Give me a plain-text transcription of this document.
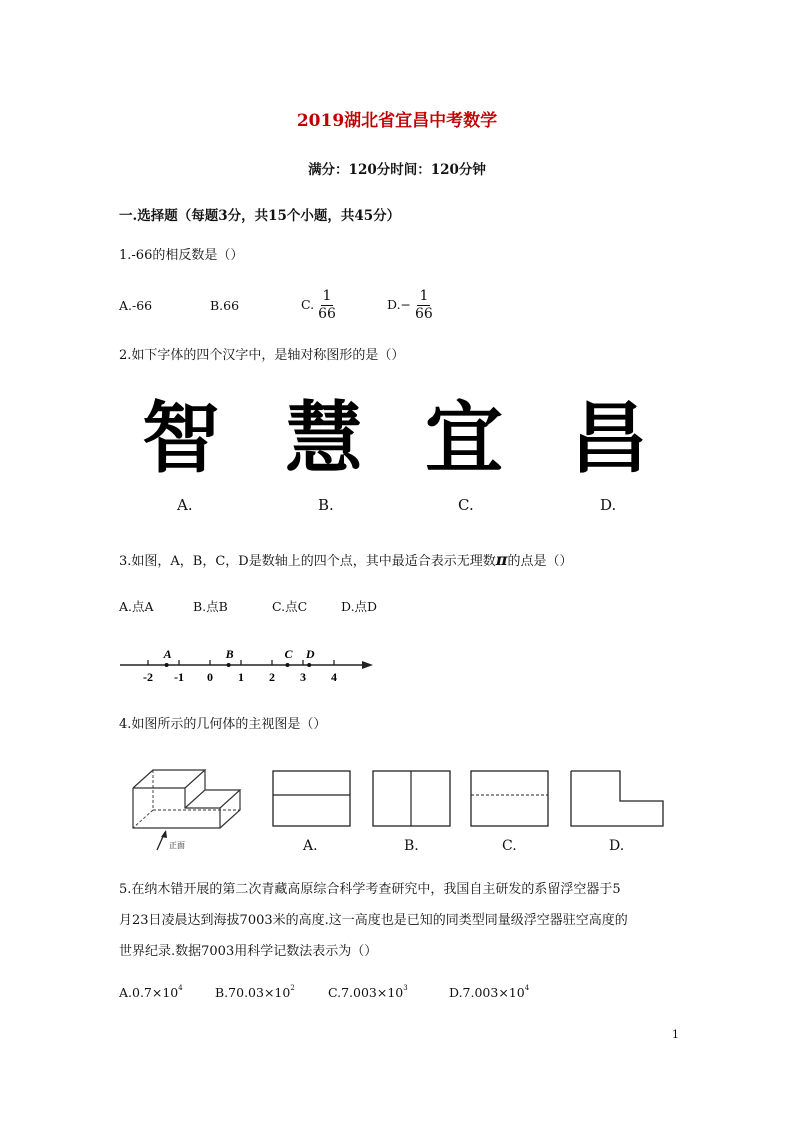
2019湖北省宜昌中考数学
满分：120分时间：120分钟
一.选择题（每题3分，共15个小题，共45分）
1.-66的相反数是（）
A.-66	B.66	C. $\frac{1}{66}$	$D.- \frac{1}{66}$
2.如下字体的四个汉字中，是轴对称图形的是（）
智 慧 宜 昌
A.	B.	C.	D.
3.如图，A，B，C，D是数轴上的四个点，其中最适合表示无理数π的点是（）
A.点A	B.点B	C.点C	D.点D
-2 -1 0 1 2 3 4
A	B	C D
4.如图所示的几何体的主视图是（）
正面	A.	B.	C.	D.
5.在纳木错开展的第二次青藏高原综合科学考查研究中，我国自主研发的系留浮空器于5
月23日凌晨达到海拔7003米的高度.这一高度也是已知的同类型同量级浮空器驻空高度的
世界纪录.数据7003用科学记数法表示为（）
$A.0.7\times 10^4$	$B.70.03\times 10^2$	$C.7.003\times 10^3$	$D.7.003\times 10^4$
1
